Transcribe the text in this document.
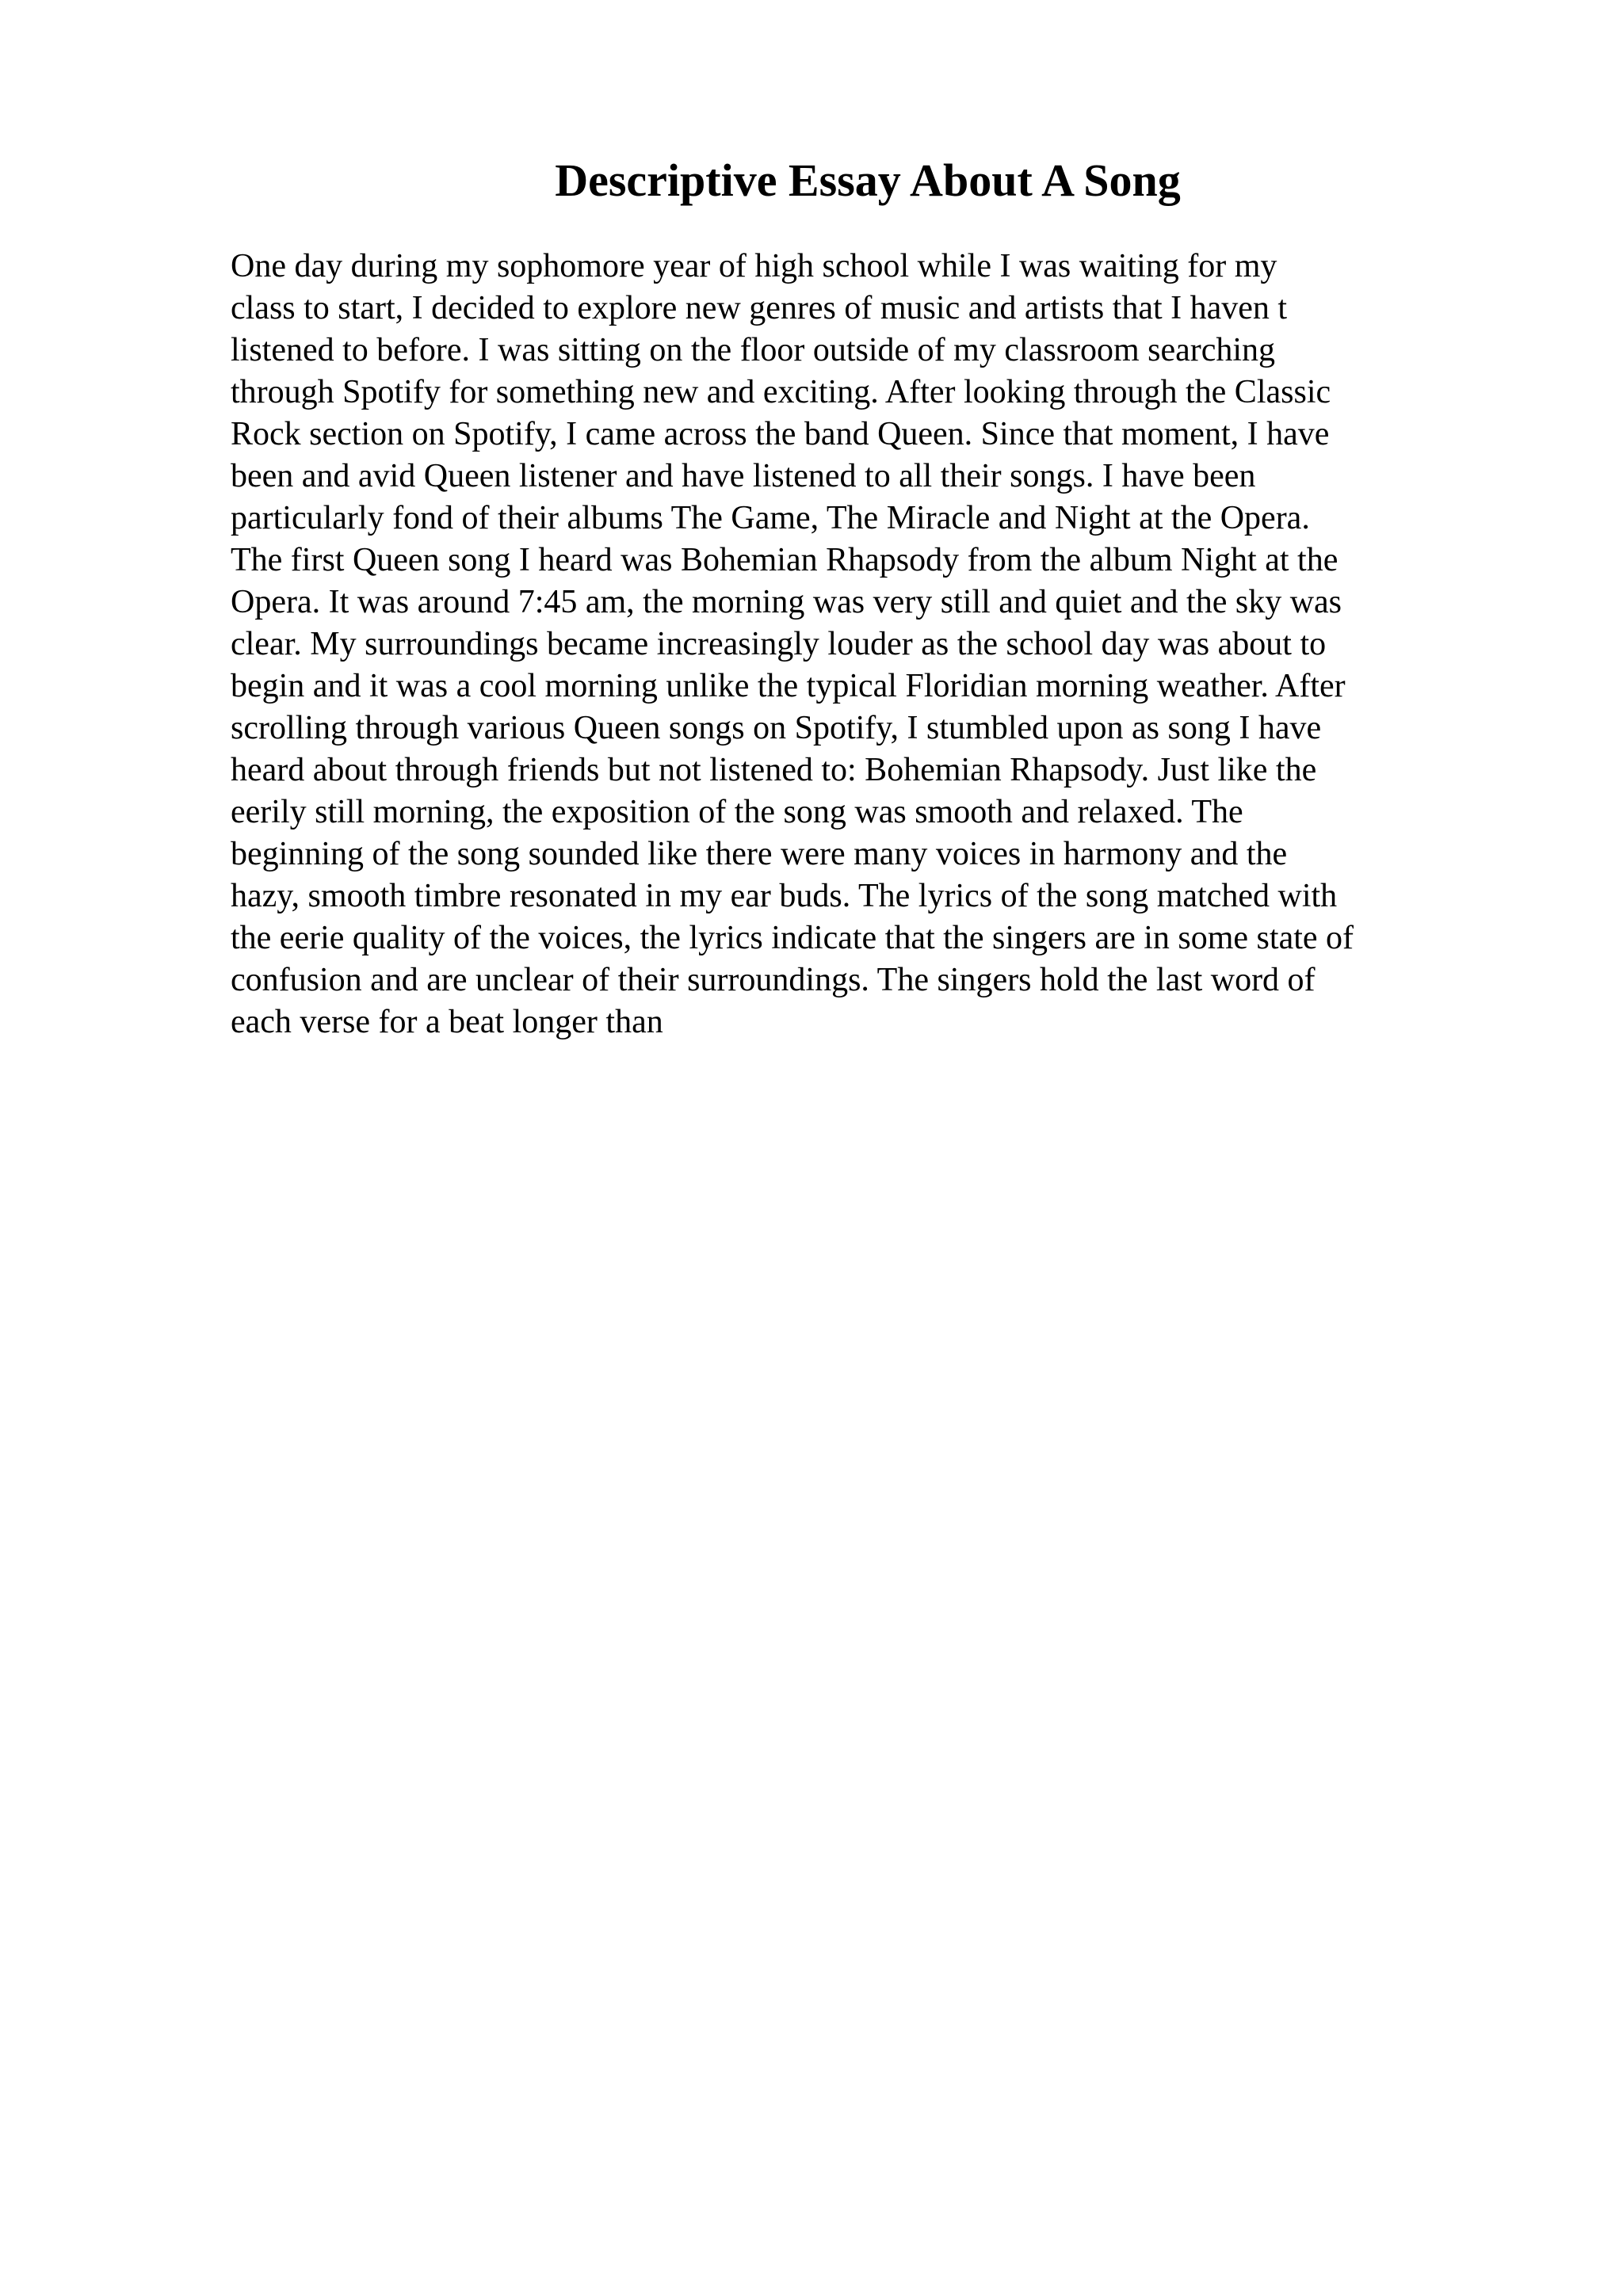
Descriptive Essay About A Song
One day during my sophomore year of high school while I was waiting for my
class to start, I decided to explore new genres of music and artists that I haven t
listened to before. I was sitting on the floor outside of my classroom searching
through Spotify for something new and exciting. After looking through the Classic
Rock section on Spotify, I came across the band Queen. Since that moment, I have
been and avid Queen listener and have listened to all their songs. I have been
particularly fond of their albums The Game, The Miracle and Night at the Opera.
The first Queen song I heard was Bohemian Rhapsody from the album Night at the
Opera. It was around 7:45 am, the morning was very still and quiet and the sky was
clear. My surroundings became increasingly louder as the school day was about to
begin and it was a cool morning unlike the typical Floridian morning weather. After
scrolling through various Queen songs on Spotify, I stumbled upon as song I have
heard about through friends but not listened to: Bohemian Rhapsody. Just like the
eerily still morning, the exposition of the song was smooth and relaxed. The
beginning of the song sounded like there were many voices in harmony and the
hazy, smooth timbre resonated in my ear buds. The lyrics of the song matched with
the eerie quality of the voices, the lyrics indicate that the singers are in some state of
confusion and are unclear of their surroundings. The singers hold the last word of
each verse for a beat longer than
